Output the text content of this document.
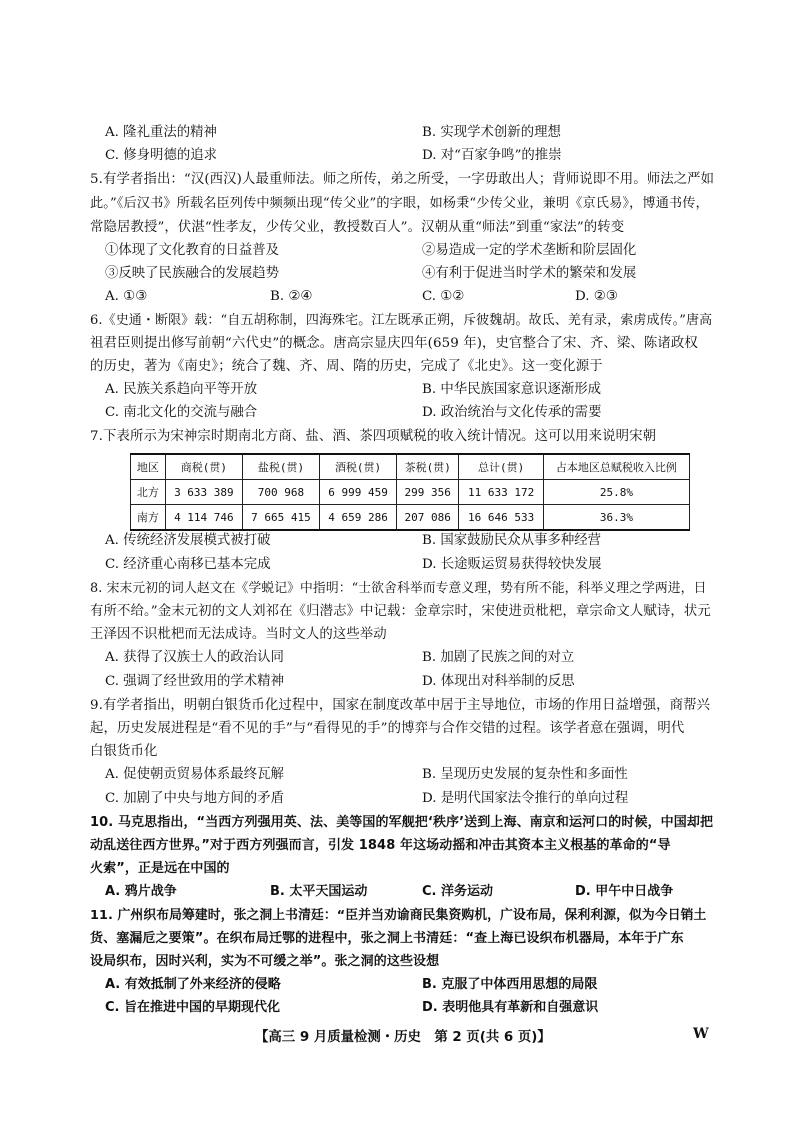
A. 隆礼重法的精神	B. 实现学术创新的理想
C. 修身明德的追求	D. 对“百家争鸣”的推崇
5.有学者指出：“汉(西汉)人最重师法。师之所传，弟之所受，一字毋敢出人；背师说即不用。师法之严如
此。”《后汉书》所载名臣列传中频频出现“传父业”的字眼，如杨秉“少传父业，兼明《京氏易》，博通书传，
常隐居教授”，伏湛“性孝友，少传父业，教授数百人”。汉朝从重“师法”到重“家法”的转变
①体现了文化教育的日益普及	②易造成一定的学术垄断和阶层固化
③反映了民族融合的发展趋势	④有利于促进当时学术的繁荣和发展
A. ①③	B. ②④	C. ①②	D. ②③
6.《史通・断限》载：“自五胡称制，四海殊宅。江左既承正朔，斥彼魏胡。故氐、羌有录，索虏成传。”唐高
祖君臣则提出修写前朝“六代史”的概念。唐高宗显庆四年(659 年)，史官整合了宋、齐、梁、陈诸政权
的历史，著为《南史》；统合了魏、齐、周、隋的历史，完成了《北史》。这一变化源于
A. 民族关系趋向平等开放	B. 中华民族国家意识逐渐形成
C. 南北文化的交流与融合	D. 政治统治与文化传承的需要
7.下表所示为宋神宗时期南北方商、盐、酒、茶四项赋税的收入统计情况。这可以用来说明宋朝
地区	商税(贯)	盐税(贯)	酒税(贯)	茶税(贯)	总计(贯)	占本地区总赋税收入比例
北方	3 633 389	700 968	6 999 459	299 356	11 633 172	25.8%
南方	4 114 746	7 665 415	4 659 286	207 086	16 646 533	36.3%
A. 传统经济发展模式被打破	B. 国家鼓励民众从事多种经营
C. 经济重心南移已基本完成	D. 长途贩运贸易获得较快发展
8. 宋末元初的词人赵文在《学蜕记》中指明：“士欲舍科举而专意义理，势有所不能，科举义理之学两进，日
有所不给。”金末元初的文人刘祁在《归潜志》中记载：金章宗时，宋使进贡枇杷，章宗命文人赋诗，状元
王泽因不识枇杷而无法成诗。当时文人的这些举动
A. 获得了汉族士人的政治认同	B. 加剧了民族之间的对立
C. 强调了经世致用的学术精神	D. 体现出对科举制的反思
9.有学者指出，明朝白银货币化过程中，国家在制度改革中居于主导地位，市场的作用日益增强，商帮兴
起，历史发展进程是“看不见的手”与“看得见的手”的博弈与合作交错的过程。该学者意在强调，明代
白银货币化
A. 促使朝贡贸易体系最终瓦解	B. 呈现历史发展的复杂性和多面性
C. 加剧了中央与地方间的矛盾	D. 是明代国家法令推行的单向过程
10. 马克思指出，“当西方列强用英、法、美等国的军舰把‘秩序’送到上海、南京和运河口的时候，中国却把
动乱送往西方世界。”对于西方列强而言，引发 1848 年这场动摇和冲击其资本主义根基的革命的“导
火索”，正是远在中国的
A. 鸦片战争	B. 太平天国运动	C. 洋务运动	D. 甲午中日战争
11. 广州织布局筹建时，张之洞上书清廷：“臣并当劝谕商民集资购机，广设布局，保利利源，似为今日销土
货、塞漏卮之要策”。在织布局迁鄂的进程中，张之洞上书清廷：“查上海已设织布机器局，本年于广东
设局织布，因时兴利，实为不可缓之举”。张之洞的这些设想
A. 有效抵制了外来经济的侵略	B. 克服了中体西用思想的局限
C. 旨在推进中国的早期现代化	D. 表明他具有革新和自强意识
【高三 9 月质量检测・历史　第 2 页(共 6 页)】	W
